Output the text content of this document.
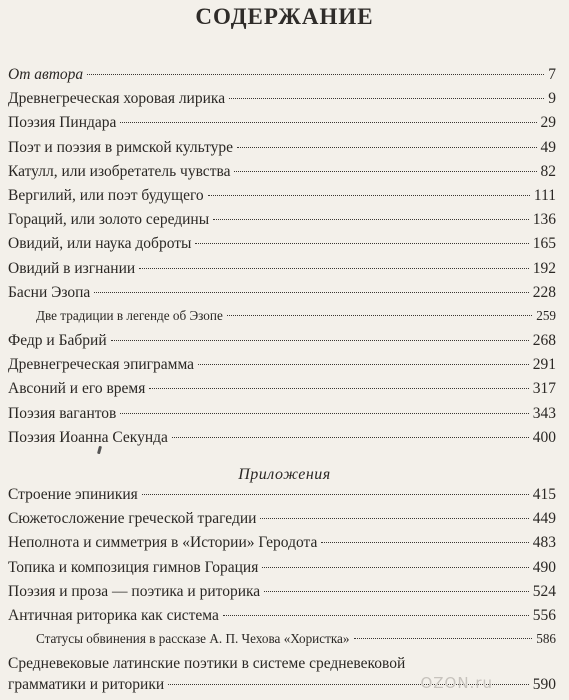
СОДЕРЖАНИЕ
От автора	7
Древнегреческая хоровая лирика	9
Поэзия Пиндара	29
Поэт и поэзия в римской культуре	49
Катулл, или изобретатель чувства	82
Вергилий, или поэт будущего	111
Гораций, или золото середины	136
Овидий, или наука доброты	165
Овидий в изгнании	192
Басни Эзопа	228
Две традиции в легенде об Эзопе	259
Федр и Бабрий	268
Древнегреческая эпиграмма	291
Авсоний и его время	317
Поэзия вагантов	343
Поэзия Иоанна Секунда	400
Приложения
Строение эпиникия	415
Сюжетосложение греческой трагедии	449
Неполнота и симметрия в «Истории» Геродота	483
Топика и композиция гимнов Горация	490
Поэзия и проза — поэтика и риторика	524
Античная риторика как система	556
Статусы обвинения в рассказе А. П. Чехова «Хористка»	586
Средневековые латинские поэтики в системе средневековой
грамматики и риторики	590
OZON.ru
